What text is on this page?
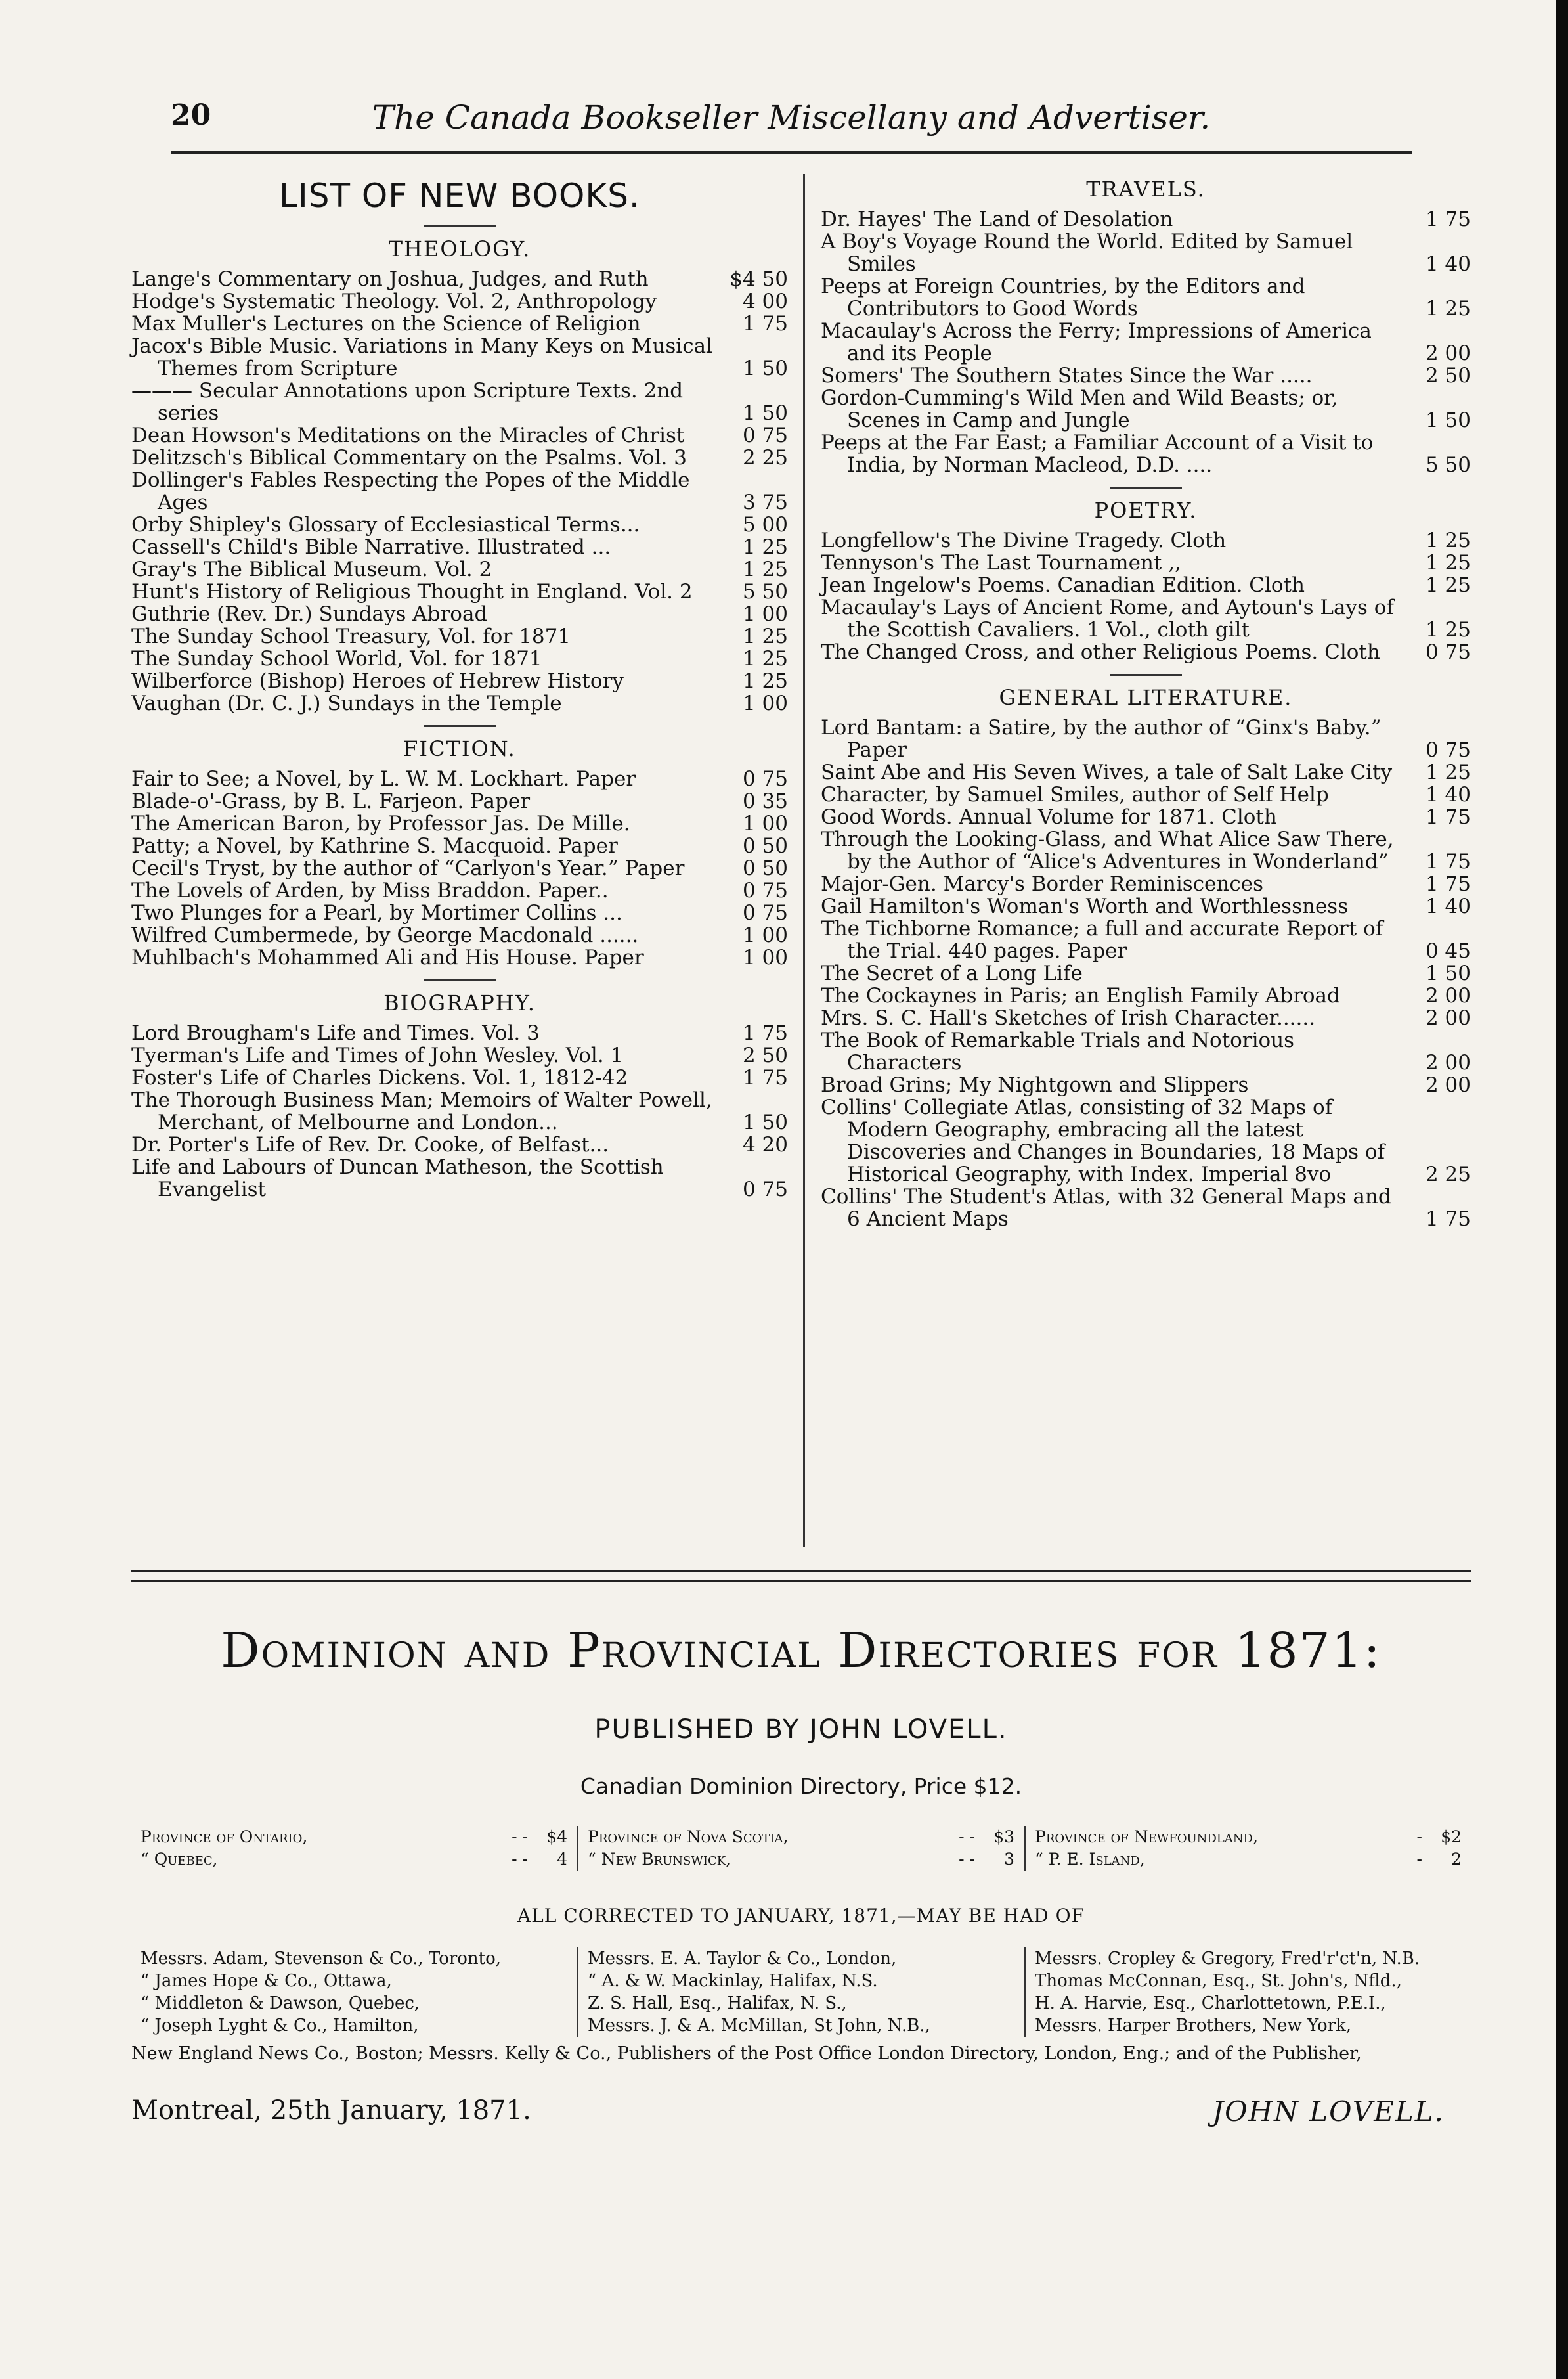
20	The Canada Bookseller Miscellany and Advertiser.
LIST OF NEW BOOKS.
THEOLOGY.
Lange's Commentary on Joshua, Judges, and Ruth	$4 50
Hodge's Systematic Theology. Vol. 2, Anthropology	4 00
Max Muller's Lectures on the Science of Religion	1 75
Jacox's Bible Music. Variations in Many Keys on Musical Themes from Scripture	1 50
——— Secular Annotations upon Scripture Texts. 2nd series	1 50
Dean Howson's Meditations on the Miracles of Christ	0 75
Delitzsch's Biblical Commentary on the Psalms. Vol. 3	2 25
Dollinger's Fables Respecting the Popes of the Middle Ages	3 75
Orby Shipley's Glossary of Ecclesiastical Terms...	5 00
Cassell's Child's Bible Narrative. Illustrated ...	1 25
Gray's The Biblical Museum. Vol. 2	1 25
Hunt's History of Religious Thought in England. Vol. 2	5 50
Guthrie (Rev. Dr.) Sundays Abroad	1 00
The Sunday School Treasury, Vol. for 1871	1 25
The Sunday School World, Vol. for 1871	1 25
Wilberforce (Bishop) Heroes of Hebrew History	1 25
Vaughan (Dr. C. J.) Sundays in the Temple	1 00
FICTION.
Fair to See; a Novel, by L. W. M. Lockhart. Paper	0 75
Blade-o'-Grass, by B. L. Farjeon. Paper	0 35
The American Baron, by Professor Jas. De Mille.	1 00
Patty; a Novel, by Kathrine S. Macquoid. Paper	0 50
Cecil's Tryst, by the author of “Carlyon's Year.” Paper	0 50
The Lovels of Arden, by Miss Braddon. Paper..	0 75
Two Plunges for a Pearl, by Mortimer Collins ...	0 75
Wilfred Cumbermede, by George Macdonald ......	1 00
Muhlbach's Mohammed Ali and His House. Paper	1 00
BIOGRAPHY.
Lord Brougham's Life and Times. Vol. 3	1 75
Tyerman's Life and Times of John Wesley. Vol. 1	2 50
Foster's Life of Charles Dickens. Vol. 1, 1812-42	1 75
The Thorough Business Man; Memoirs of Walter Powell, Merchant, of Melbourne and London...	1 50
Dr. Porter's Life of Rev. Dr. Cooke, of Belfast...	4 20
Life and Labours of Duncan Matheson, the Scottish Evangelist	0 75
TRAVELS.
Dr. Hayes' The Land of Desolation	1 75
A Boy's Voyage Round the World. Edited by Samuel Smiles	1 40
Peeps at Foreign Countries, by the Editors and Contributors to Good Words	1 25
Macaulay's Across the Ferry; Impressions of America and its People	2 00
Somers' The Southern States Since the War .....	2 50
Gordon-Cumming's Wild Men and Wild Beasts; or, Scenes in Camp and Jungle	1 50
Peeps at the Far East; a Familiar Account of a Visit to India, by Norman Macleod, D.D. ....	5 50
POETRY.
Longfellow's The Divine Tragedy. Cloth	1 25
Tennyson's The Last Tournament ,,	1 25
Jean Ingelow's Poems. Canadian Edition. Cloth	1 25
Macaulay's Lays of Ancient Rome, and Aytoun's Lays of the Scottish Cavaliers. 1 Vol., cloth gilt	1 25
The Changed Cross, and other Religious Poems. Cloth	0 75
GENERAL LITERATURE.
Lord Bantam: a Satire, by the author of “Ginx's Baby.” Paper	0 75
Saint Abe and His Seven Wives, a tale of Salt Lake City	1 25
Character, by Samuel Smiles, author of Self Help	1 40
Good Words. Annual Volume for 1871. Cloth	1 75
Through the Looking-Glass, and What Alice Saw There, by the Author of “Alice's Adventures in Wonderland”	1 75
Major-Gen. Marcy's Border Reminiscences	1 75
Gail Hamilton's Woman's Worth and Worthlessness	1 40
The Tichborne Romance; a full and accurate Report of the Trial. 440 pages. Paper	0 45
The Secret of a Long Life	1 50
The Cockaynes in Paris; an English Family Abroad	2 00
Mrs. S. C. Hall's Sketches of Irish Character......	2 00
The Book of Remarkable Trials and Notorious Characters	2 00
Broad Grins; My Nightgown and Slippers	2 00
Collins' Collegiate Atlas, consisting of 32 Maps of Modern Geography, embracing all the latest Discoveries and Changes in Boundaries, 18 Maps of Historical Geography, with Index. Imperial 8vo	2 25
Collins' The Student's Atlas, with 32 General Maps and 6 Ancient Maps	1 75
Dominion and Provincial Directories for 1871:
PUBLISHED BY JOHN LOVELL.
Canadian Dominion Directory, Price $12.
Province of Ontario,	- -	$4
“ Quebec,	- -	4
Province of Nova Scotia,	- -	$3
“ New Brunswick,	- -	3
Province of Newfoundland,	-	$2
“ P. E. Island,	-	2
ALL CORRECTED TO JANUARY, 1871,—MAY BE HAD OF
Messrs. Adam, Stevenson & Co., Toronto,
“ James Hope & Co., Ottawa,
“ Middleton & Dawson, Quebec,
“ Joseph Lyght & Co., Hamilton,
Messrs. E. A. Taylor & Co., London,
“ A. & W. Mackinlay, Halifax, N.S.
Z. S. Hall, Esq., Halifax, N. S.,
Messrs. J. & A. McMillan, St John, N.B.,
Messrs. Cropley & Gregory, Fred'r'ct'n, N.B.
Thomas McConnan, Esq., St. John's, Nfld.,
H. A. Harvie, Esq., Charlottetown, P.E.I.,
Messrs. Harper Brothers, New York,
New England News Co., Boston; Messrs. Kelly & Co., Publishers of the Post Office London Directory, London, Eng.; and of the Publisher,
Montreal, 25th January, 1871.	JOHN LOVELL.
